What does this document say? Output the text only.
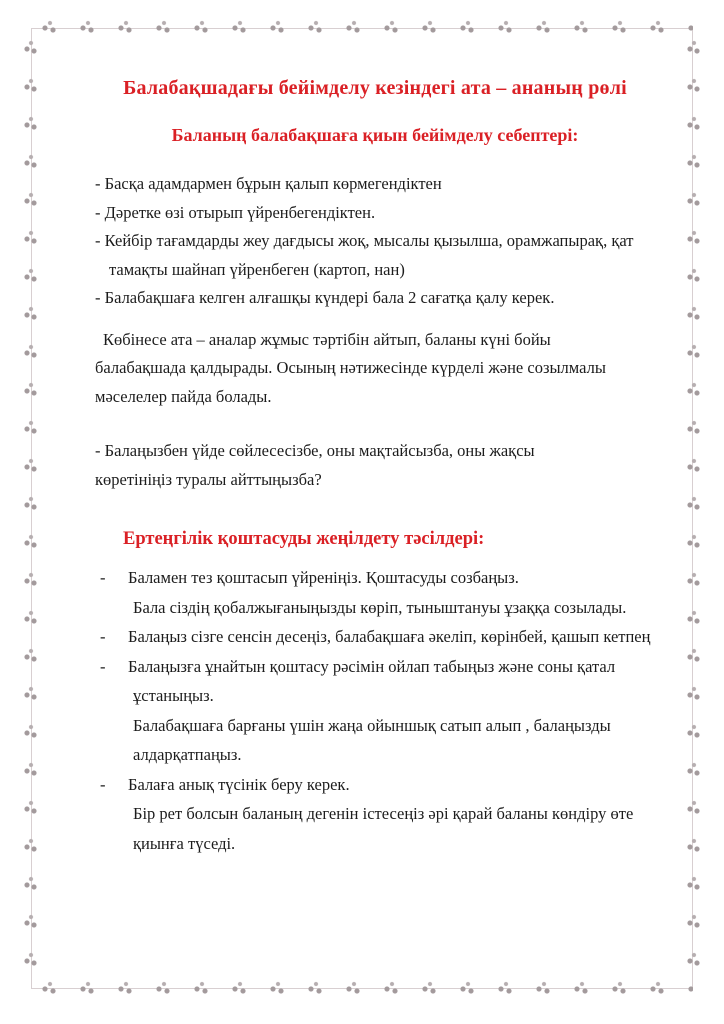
Балабақшадағы бейімделу кезіндегі ата – ананың рөлі
Баланың балабақшаға қиын бейімделу себептері:
- Басқа адамдармен бұрын қалып көрмегендіктен
- Дәретке өзі отырып үйренбегендіктен.
- Кейбір тағамдарды жеу дағдысы жоқ, мысалы қызылша, орамжапырақ, қат
тамақты шайнап үйренбеген (картоп, нан)
- Балабақшаға келген алғашқы күндері бала 2 сағатқа қалу керек.
Көбінесе ата – аналар жұмыс тәртібін айтып, баланы күні бойы
балабақшада қалдырады. Осының нәтижесінде күрделі және созылмалы
мәселелер пайда болады.
- Балаңызбен үйде сөйлесесізбе, оны мақтайсызба, оны жақсы
көретініңіз туралы айттыңызба?
Ертеңгілік қоштасуды жеңілдету тәсілдері:
- Баламен тез қоштасып үйреніңіз. Қоштасуды созбаңыз.
Бала сіздің қобалжығаныңызды көріп, тыныштануы ұзаққа созылады.
- Балаңыз сізге сенсін десеңіз, балабақшаға әкеліп, көрінбей, қашып кетпең
- Балаңызға ұнайтын қоштасу рәсімін ойлап табыңыз және соны қатал
ұстаныңыз.
Балабақшаға барғаны үшін жаңа ойыншық сатып алып , балаңызды
алдарқатпаңыз.
- Балаға анық түсінік беру керек.
Бір рет болсын баланың дегенін істесеңіз әрі қарай баланы көндіру өте
қиынға түседі.
